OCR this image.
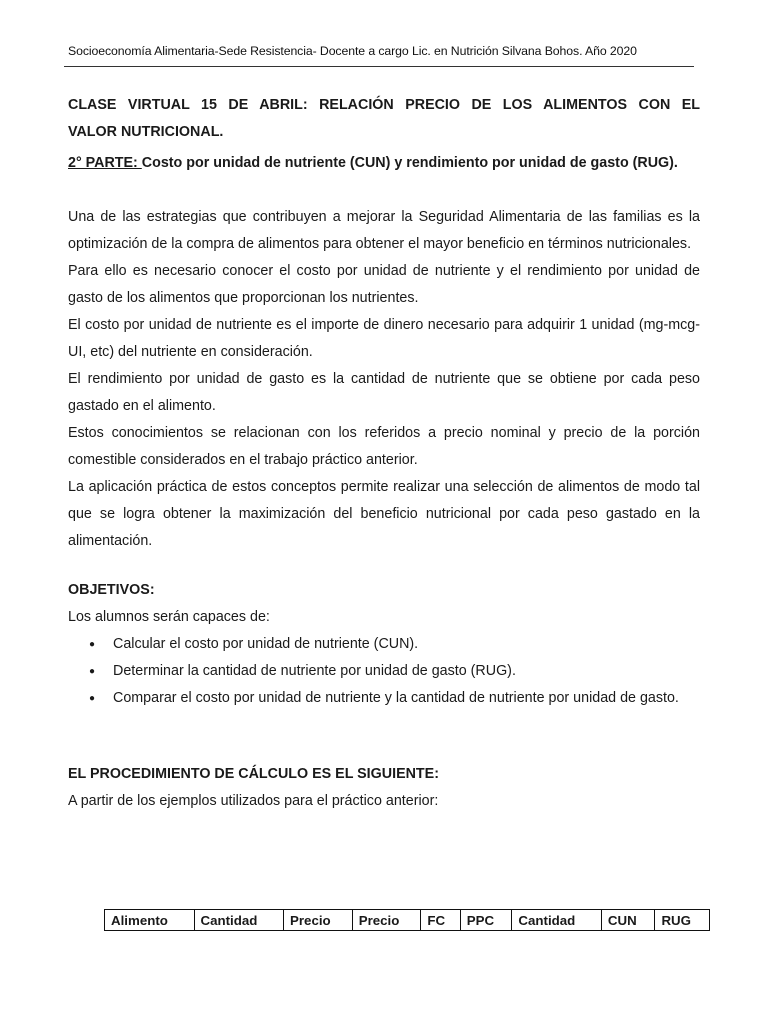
Socioeconomía Alimentaria-Sede Resistencia- Docente a cargo Lic. en Nutrición Silvana Bohos. Año 2020

CLASE VIRTUAL 15 DE ABRIL: RELACIÓN PRECIO DE LOS ALIMENTOS CON EL

VALOR NUTRICIONAL.

2° PARTE: Costo por unidad de nutriente (CUN) y rendimiento por unidad de gasto (RUG).

Una de las estrategias que contribuyen a mejorar la Seguridad Alimentaria de las familias es la optimización de la compra de alimentos para obtener el mayor beneficio en términos nutricionales.

Para ello es necesario conocer el costo por unidad de nutriente y el rendimiento por unidad de gasto de los alimentos que proporcionan los nutrientes.

El costo por unidad de nutriente es el importe de dinero necesario para adquirir 1 unidad (mg-mcg- UI, etc) del nutriente en consideración.

El rendimiento por unidad de gasto es la cantidad de nutriente que se obtiene por cada peso gastado en el alimento.

Estos conocimientos se relacionan con los referidos a precio nominal y precio de la porción comestible considerados en el trabajo práctico anterior.

La aplicación práctica de estos conceptos permite realizar una selección de alimentos de modo tal que se logra obtener la maximización del beneficio nutricional por cada peso gastado en la alimentación.

OBJETIVOS:

Los alumnos serán capaces de:

● Calcular el costo por unidad de nutriente (CUN).
● Determinar la cantidad de nutriente por unidad de gasto (RUG).
● Comparar el costo por unidad de nutriente y la cantidad de nutriente por unidad de gasto.

EL PROCEDIMIENTO DE CÁLCULO ES EL SIGUIENTE:

A partir de los ejemplos utilizados para el práctico anterior:

Alimento	Cantidad	Precio	Precio	FC	PPC	Cantidad	CUN	RUG
